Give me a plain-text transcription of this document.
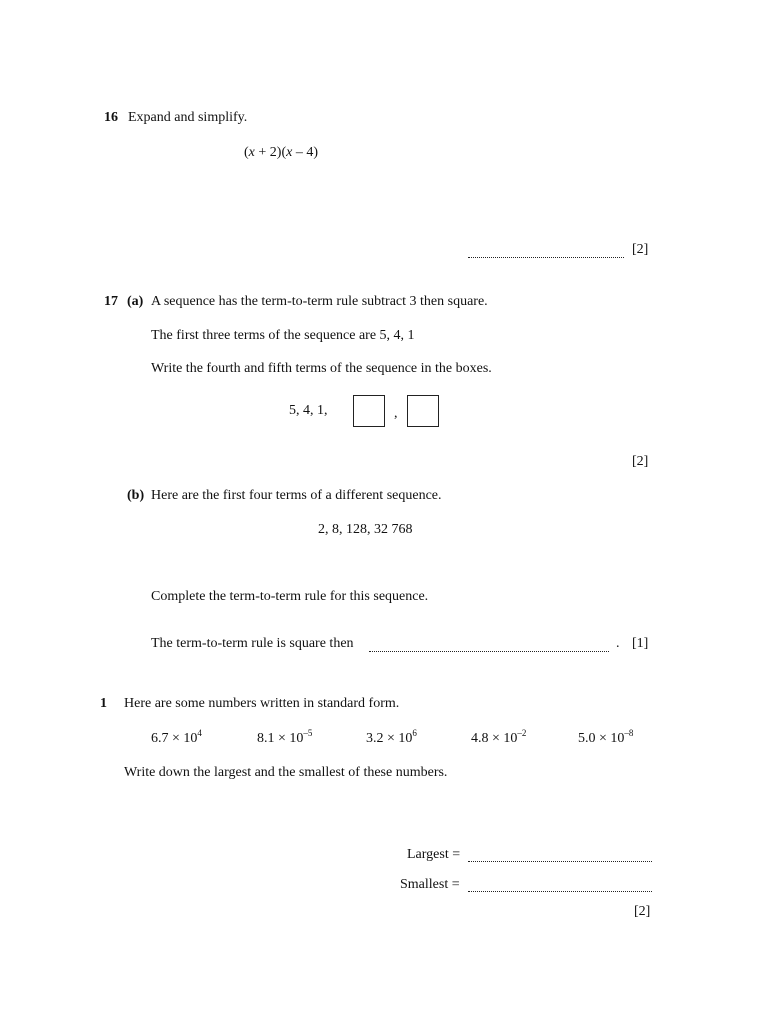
16 Expand and simplify.
(x + 2)(x – 4)
[2]
17 (a) A sequence has the term-to-term rule subtract 3 then square.
The first three terms of the sequence are 5, 4, 1
Write the fourth and fifth terms of the sequence in the boxes.
5, 4, 1,	,
[2]
(b) Here are the first four terms of a different sequence.
2, 8, 128, 32 768
Complete the term-to-term rule for this sequence.
The term-to-term rule is square then	. [1]
1 Here are some numbers written in standard form.
$6.7 \times 10^4$	$8.1 \times 10^{-5}$	$3.2 \times 10^6$	$4.8 \times 10^{-2}$	$5.0 \times 10^{-8}$
Write down the largest and the smallest of these numbers.
Largest =
Smallest =
[2]
